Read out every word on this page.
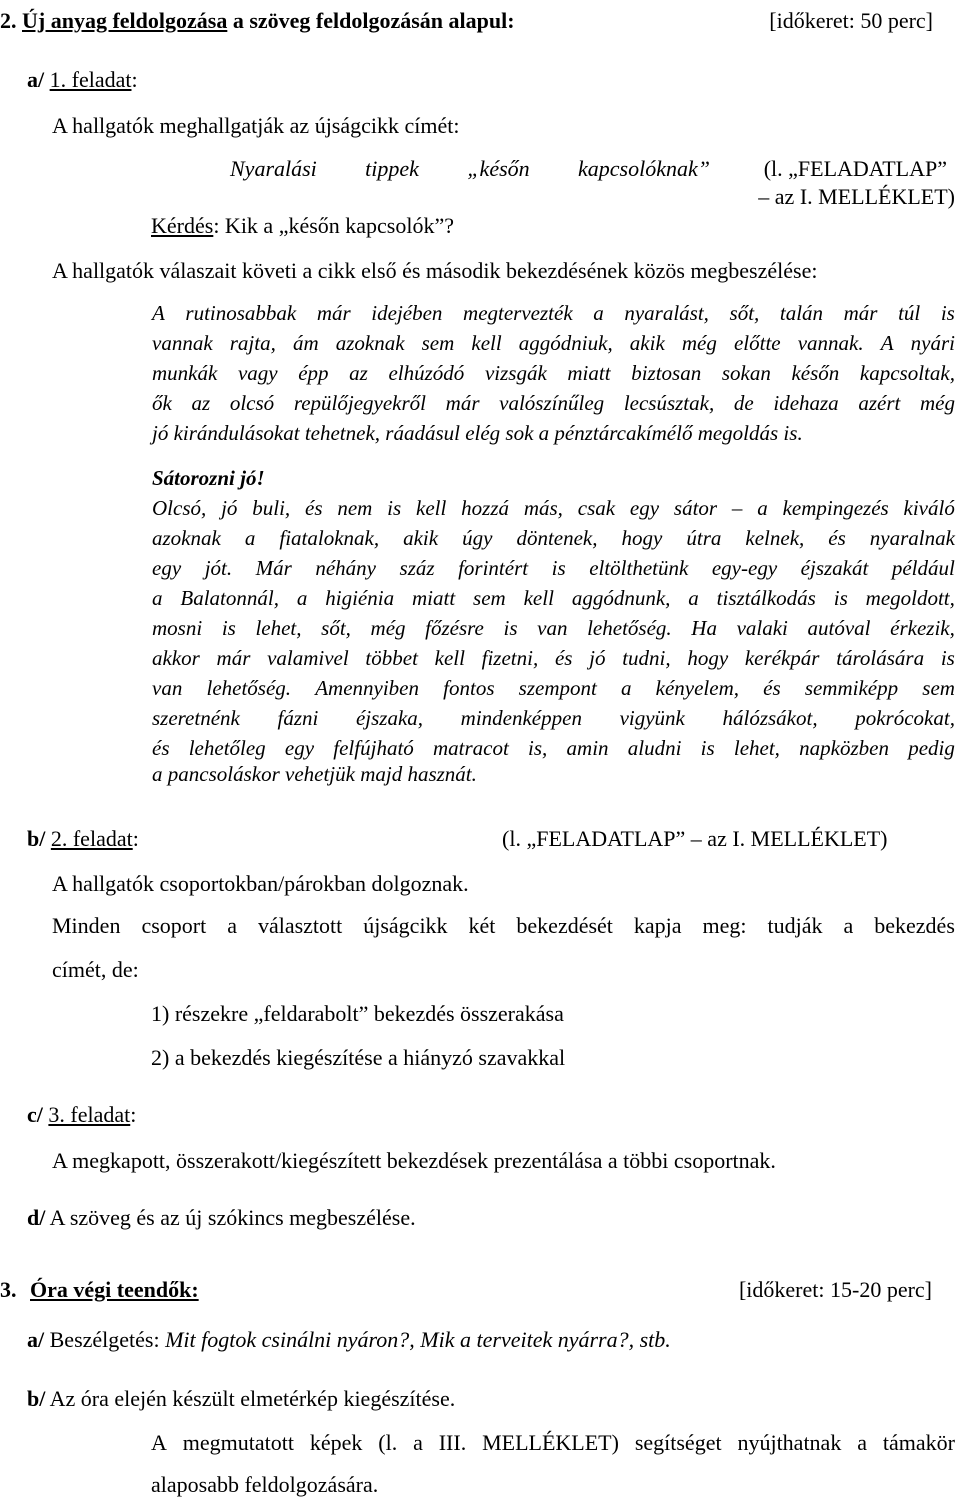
2. Új anyag feldolgozása a szöveg feldolgozásán alapul:	[időkeret: 50 perc]
a/ 1. feladat:
A hallgatók meghallgatják az újságcikk címét:
Nyaralási tippek „későn kapcsolóknak” (l. „FELADATLAP”
– az I. MELLÉKLET)
Kérdés: Kik a „későn kapcsolók”?
A hallgatók válaszait követi a cikk első és második bekezdésének közös megbeszélése:
A rutinosabbak már idejében megtervezték a nyaralást, sőt, talán már túl is
vannak rajta, ám azoknak sem kell aggódniuk, akik még előtte vannak. A nyári
munkák vagy épp az elhúzódó vizsgák miatt biztosan sokan későn kapcsoltak,
ők az olcsó repülőjegyekről már valószínűleg lecsúsztak, de idehaza azért még
jó kirándulásokat tehetnek, ráadásul elég sok a pénztárcakímélő megoldás is.
Sátorozni jó!
Olcsó, jó buli, és nem is kell hozzá más, csak egy sátor – a kempingezés kiváló
azoknak a fiataloknak, akik úgy döntenek, hogy útra kelnek, és nyaralnak
egy jót. Már néhány száz forintért is eltölthetünk egy-egy éjszakát például
a Balatonnál, a higiénia miatt sem kell aggódnunk, a tisztálkodás is megoldott,
mosni is lehet, sőt, még főzésre is van lehetőség. Ha valaki autóval érkezik,
akkor már valamivel többet kell fizetni, és jó tudni, hogy kerékpár tárolására is
van lehetőség. Amennyiben fontos szempont a kényelem, és semmiképp sem
szeretnénk fázni éjszaka, mindenképpen vigyünk hálózsákot, pokrócokat,
és lehetőleg egy felfújható matracot is, amin aludni is lehet, napközben pedig
a pancsoláskor vehetjük majd hasznát.
b/ 2. feladat:	(l. „FELADATLAP” – az I. MELLÉKLET)
A hallgatók csoportokban/párokban dolgoznak.
Minden csoport a választott újságcikk két bekezdését kapja meg: tudják a bekezdés
címét, de:
1) részekre „feldarabolt” bekezdés összerakása
2) a bekezdés kiegészítése a hiányzó szavakkal
c/ 3. feladat:
A megkapott, összerakott/kiegészített bekezdések prezentálása a többi csoportnak.
d/ A szöveg és az új szókincs megbeszélése.
3. Óra végi teendők:	[időkeret: 15-20 perc]
a/ Beszélgetés: Mit fogtok csinálni nyáron?, Mik a terveitek nyárra?, stb.
b/ Az óra elején készült elmetérkép kiegészítése.
A megmutatott képek (l. a III. MELLÉKLET) segítséget nyújthatnak a támakör
alaposabb feldolgozására.
